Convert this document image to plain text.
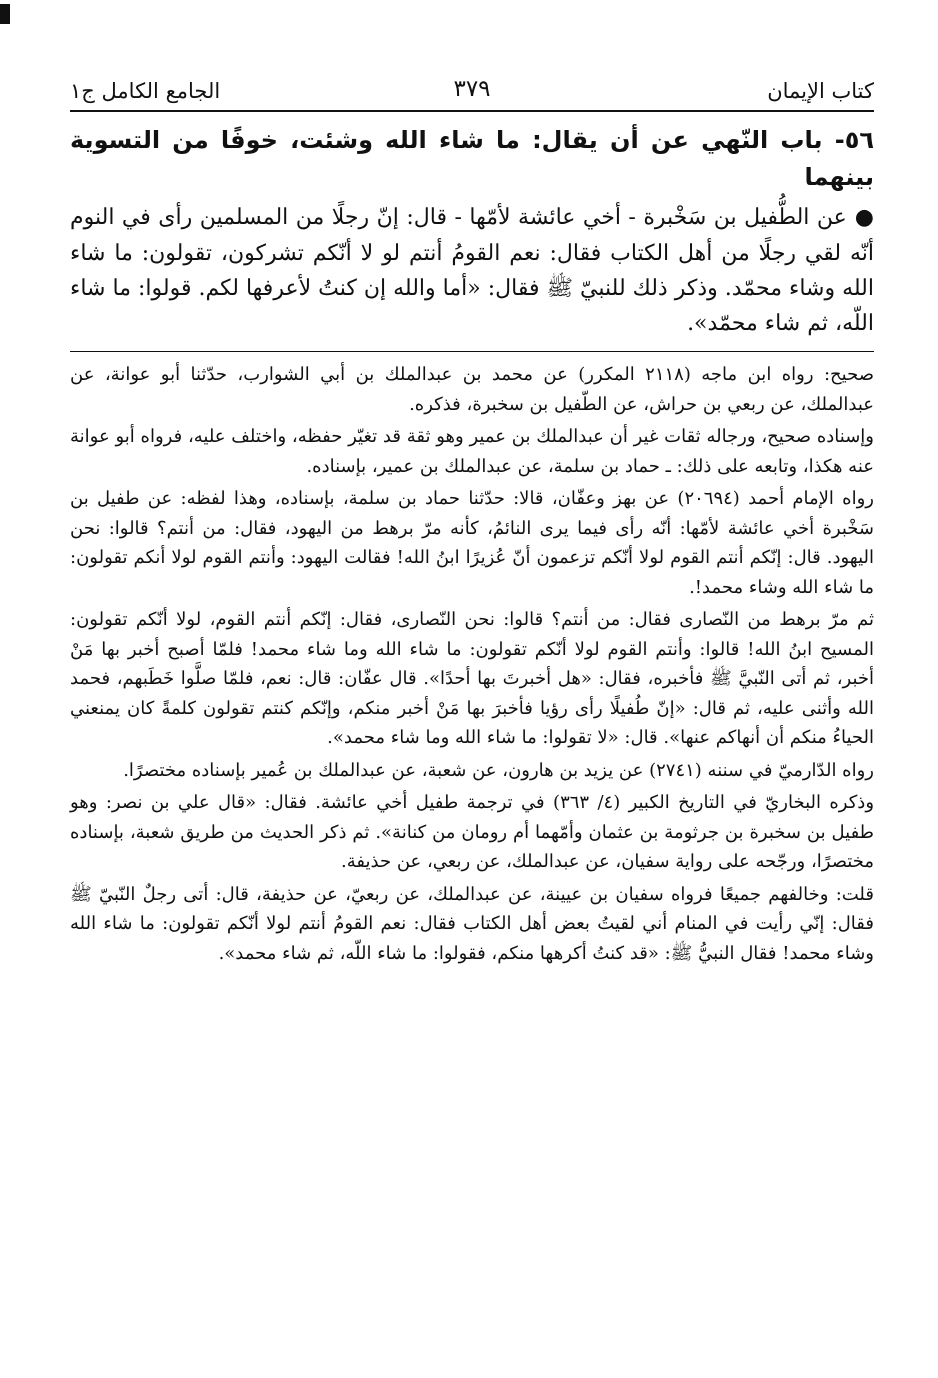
كتاب الإيمان
٣٧٩
الجامع الكامل ج١
٥٦- باب النّهي عن أن يقال: ما شاء الله وشئت، خوفًا من التسوية بينهما

●عن الطُّفيل بن سَخْبرة - أخي عائشة لأمّها - قال: إنّ رجلًا من المسلمين رأى في النوم أنّه لقي رجلًا من أهل الكتاب فقال: نعم القومُ أنتم لو لا أنّكم تشركون، تقولون: ما شاء الله وشاء محمّد. وذكر ذلك للنبيّ ﷺ فقال: «أما والله إن كنتُ لأعرفها لكم. قولوا: ما شاء اللّه، ثم شاء محمّد».

صحيح: رواه ابن ماجه (٢١١٨ المكرر) عن محمد بن عبدالملك بن أبي الشوارب، حدّثنا أبو عوانة، عن عبدالملك، عن ربعي بن حراش، عن الطّفيل بن سخبرة، فذكره.

وإسناده صحيح، ورجاله ثقات غير أن عبدالملك بن عمير وهو ثقة قد تغيّر حفظه، واختلف عليه، فرواه أبو عوانة عنه هكذا، وتابعه على ذلك: ـ حماد بن سلمة، عن عبدالملك بن عمير، بإسناده.

رواه الإمام أحمد (٢٠٦٩٤) عن بهز وعفّان، قالا: حدّثنا حماد بن سلمة، بإسناده، وهذا لفظه: عن طفيل بن سَخْبرة أخي عائشة لأمّها: أنّه رأى فيما يرى النائمُ، كأنه مرّ برهط من اليهود، فقال: من أنتم؟ قالوا: نحن اليهود. قال: إنّكم أنتم القوم لولا أنّكم تزعمون أنّ عُزيرًا ابنُ الله! فقالت اليهود: وأنتم القوم لولا أنكم تقولون: ما شاء الله وشاء محمد!.

ثم مرّ برهط من النّصارى فقال: من أنتم؟ قالوا: نحن النّصارى، فقال: إنّكم أنتم القوم، لولا أنّكم تقولون: المسيح ابنُ الله! قالوا: وأنتم القوم لولا أنّكم تقولون: ما شاء الله وما شاء محمد! فلمّا أصبح أخبر بها مَنْ أخبر، ثم أتى النّبيَّ ﷺ فأخبره، فقال: «هل أخبرتَ بها أحدًا». قال عفّان: قال: نعم، فلمّا صلَّوا خَطَبهم، فحمد الله وأثنى عليه، ثم قال: «إنّ طُفيلًا رأى رؤيا فأخبرَ بها مَنْ أخبر منكم، وإنّكم كنتم تقولون كلمةً كان يمنعني الحياءُ منكم أن أنهاكم عنها». قال: «لا تقولوا: ما شاء الله وما شاء محمد».

رواه الدّارميّ في سننه (٢٧٤١) عن يزيد بن هارون، عن شعبة، عن عبدالملك بن عُمير بإسناده مختصرًا.

وذكره البخاريّ في التاريخ الكبير (٤/ ٣٦٣) في ترجمة طفيل أخي عائشة. فقال: «قال علي بن نصر: وهو طفيل بن سخبرة بن جرثومة بن عثمان وأمّهما أم رومان من كنانة». ثم ذكر الحديث من طريق شعبة، بإسناده مختصرًا، ورجّحه على رواية سفيان، عن عبدالملك، عن ربعي، عن حذيفة.

قلت: وخالفهم جميعًا فرواه سفيان بن عيينة، عن عبدالملك، عن ربعيّ، عن حذيفة، قال: أتى رجلٌ النّبيّ ﷺ فقال: إنّي رأيت في المنام أني لقيتُ بعض أهل الكتاب فقال: نعم القومُ أنتم لولا أنّكم تقولون: ما شاء الله وشاء محمد! فقال النبيُّ ﷺ: «قد كنتُ أكرهها منكم، فقولوا: ما شاء اللّه، ثم شاء محمد».
